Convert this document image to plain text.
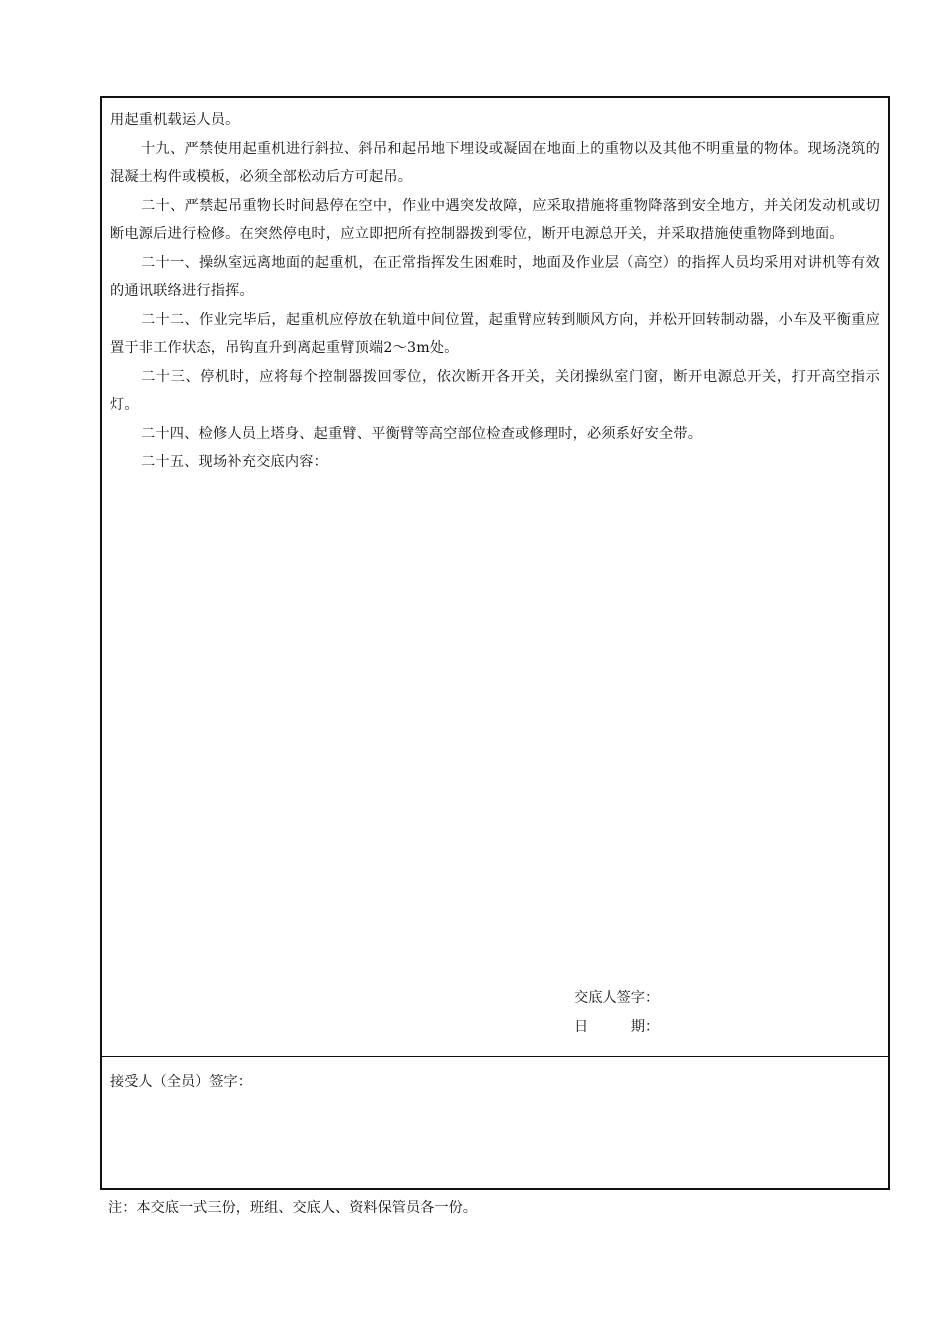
用起重机载运人员。

十九、严禁使用起重机进行斜拉、斜吊和起吊地下埋设或凝固在地面上的重物以及其他不明重量的物体。现场浇筑的混凝土构件或模板，必须全部松动后方可起吊。

二十、严禁起吊重物长时间悬停在空中，作业中遇突发故障，应采取措施将重物降落到安全地方，并关闭发动机或切断电源后进行检修。在突然停电时，应立即把所有控制器拨到零位，断开电源总开关，并采取措施使重物降到地面。

二十一、操纵室远离地面的起重机，在正常指挥发生困难时，地面及作业层（高空）的指挥人员均采用对讲机等有效的通讯联络进行指挥。

二十二、作业完毕后，起重机应停放在轨道中间位置，起重臂应转到顺风方向，并松开回转制动器，小车及平衡重应置于非工作状态，吊钩直升到离起重臂顶端2～3m处。

二十三、停机时，应将每个控制器拨回零位，依次断开各开关，关闭操纵室门窗，断开电源总开关，打开高空指示灯。

二十四、检修人员上塔身、起重臂、平衡臂等高空部位检查或修理时，必须系好安全带。

二十五、现场补充交底内容：

交底人签字：
日　　　期：
接受人（全员）签字：
注：本交底一式三份，班组、交底人、资料保管员各一份。
